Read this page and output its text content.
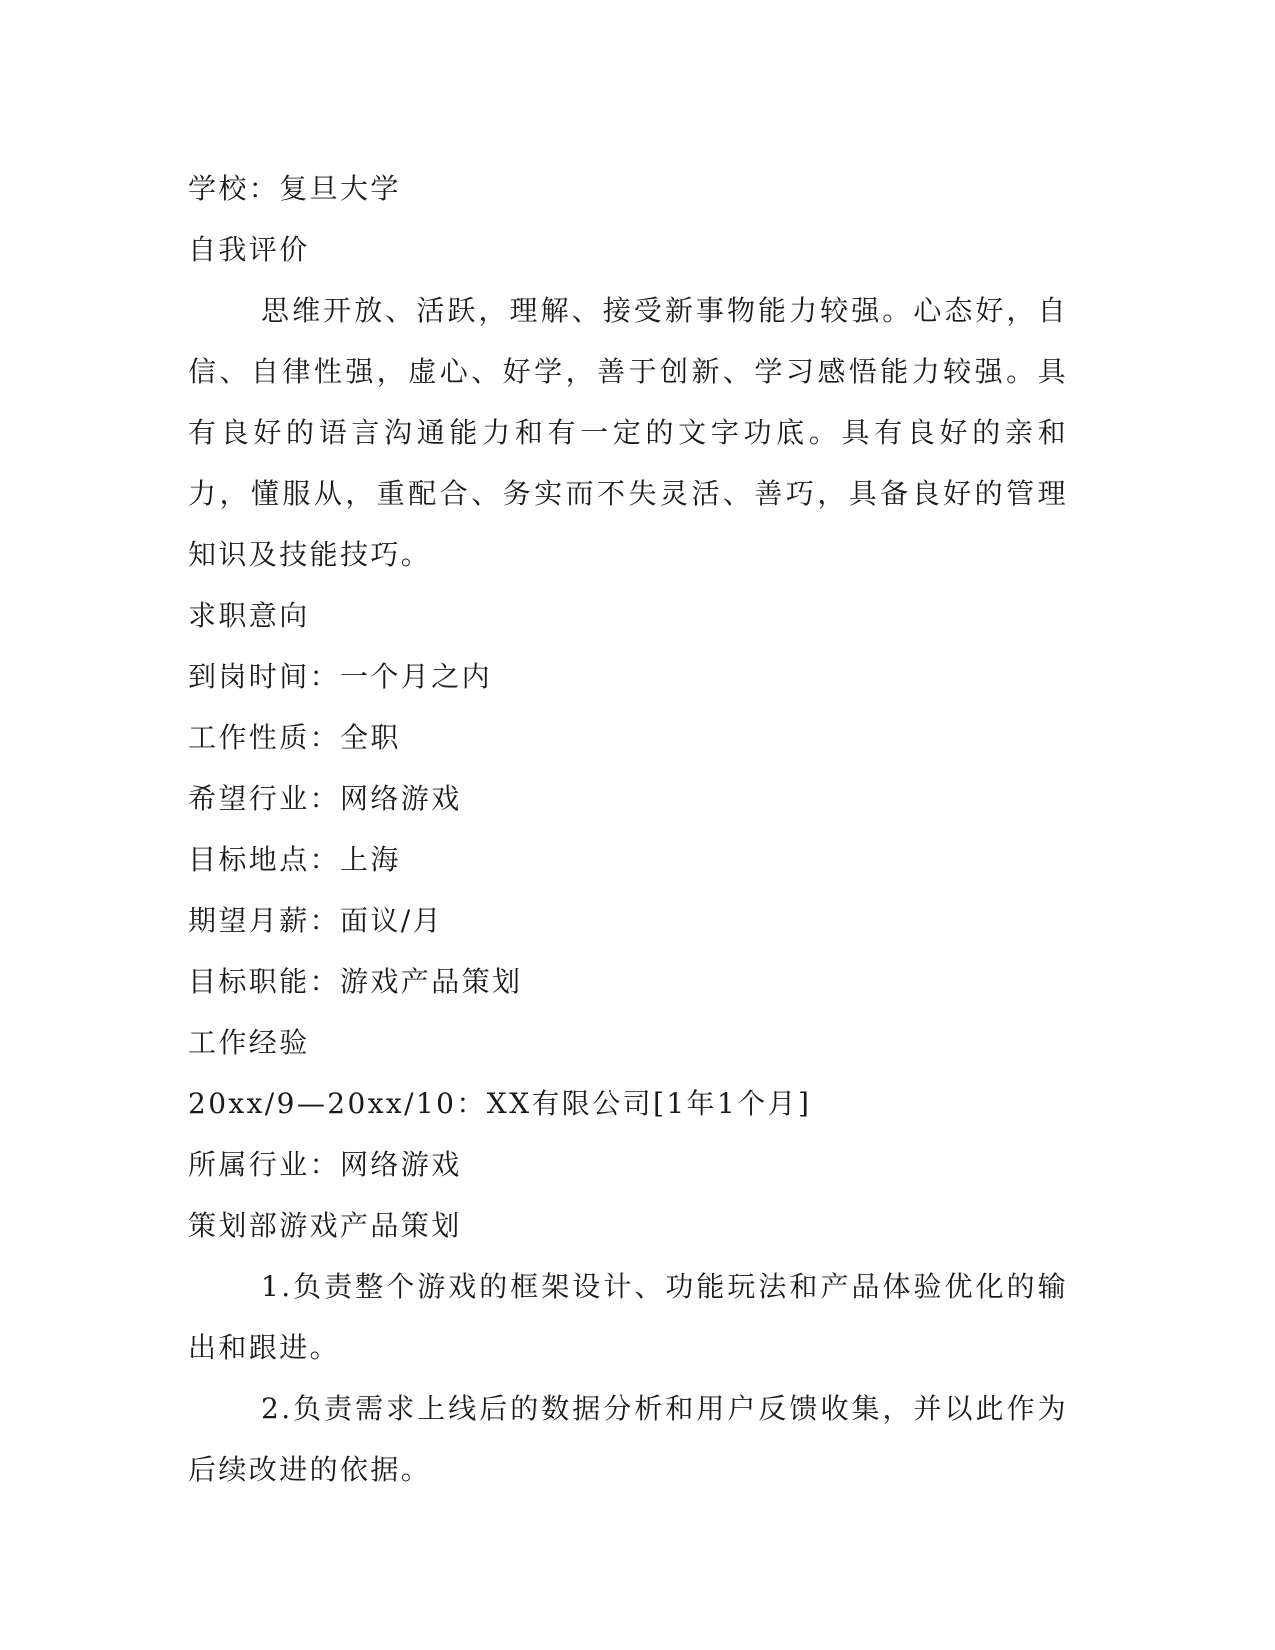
学校：复旦大学

自我评价

思维开放、活跃，理解、接受新事物能力较强。心态好，自信、自律性强，虚心、好学，善于创新、学习感悟能力较强。具有良好的语言沟通能力和有一定的文字功底。具有良好的亲和力，懂服从，重配合、务实而不失灵活、善巧，具备良好的管理知识及技能技巧。

求职意向

到岗时间：一个月之内

工作性质：全职

希望行业：网络游戏

目标地点：上海

期望月薪：面议/月

目标职能：游戏产品策划

工作经验

20xx/9—20xx/10：XX有限公司[1年1个月]

所属行业：网络游戏

策划部游戏产品策划

1.负责整个游戏的框架设计、功能玩法和产品体验优化的输出和跟进。

2.负责需求上线后的数据分析和用户反馈收集，并以此作为后续改进的依据。
